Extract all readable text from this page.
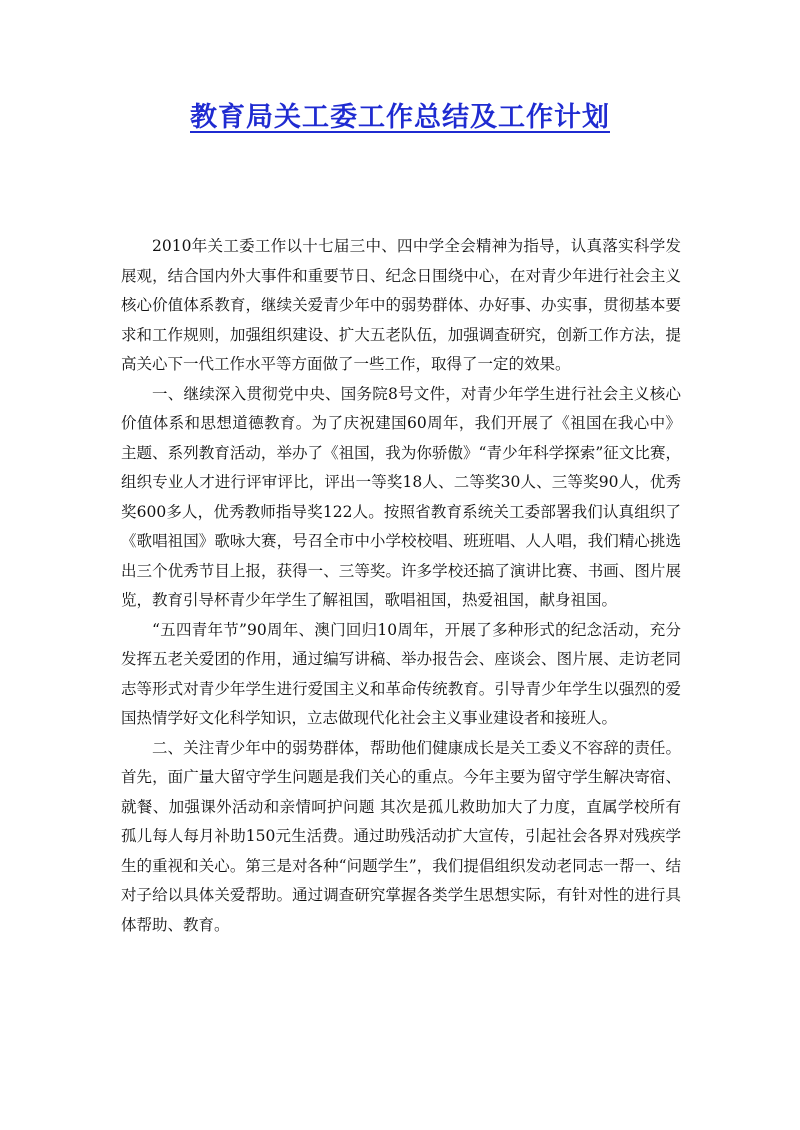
教育局关工委工作总结及工作计划

2010年关工委工作以十七届三中、四中学全会精神为指导，认真落实科学发展观，结合国内外大事件和重要节日、纪念日围绕中心，在对青少年进行社会主义核心价值体系教育，继续关爱青少年中的弱势群体、办好事、办实事，贯彻基本要求和工作规则，加强组织建设、扩大五老队伍，加强调查研究，创新工作方法，提高关心下一代工作水平等方面做了一些工作，取得了一定的效果。

一、继续深入贯彻党中央、国务院8号文件，对青少年学生进行社会主义核心价值体系和思想道德教育。为了庆祝建国60周年，我们开展了《祖国在我心中》主题、系列教育活动，举办了《祖国，我为你骄傲》“青少年科学探索”征文比赛，组织专业人才进行评审评比，评出一等奖18人、二等奖30人、三等奖90人，优秀奖600多人，优秀教师指导奖122人。按照省教育系统关工委部署我们认真组织了《歌唱祖国》歌咏大赛，号召全市中小学校校唱、班班唱、人人唱，我们精心挑选出三个优秀节目上报，获得一、三等奖。许多学校还搞了演讲比赛、书画、图片展览，教育引导杯青少年学生了解祖国，歌唱祖国，热爱祖国，献身祖国。

“五四青年节”90周年、澳门回归10周年，开展了多种形式的纪念活动，充分发挥五老关爱团的作用，通过编写讲稿、举办报告会、座谈会、图片展、走访老同志等形式对青少年学生进行爱国主义和革命传统教育。引导青少年学生以强烈的爱国热情学好文化科学知识，立志做现代化社会主义事业建设者和接班人。

二、关注青少年中的弱势群体，帮助他们健康成长是关工委义不容辞的责任。首先，面广量大留守学生问题是我们关心的重点。今年主要为留守学生解决寄宿、就餐、加强课外活动和亲情呵护问题 其次是孤儿救助加大了力度，直属学校所有孤儿每人每月补助150元生活费。通过助残活动扩大宣传，引起社会各界对残疾学生的重视和关心。第三是对各种“问题学生”，我们提倡组织发动老同志一帮一、结对子给以具体关爱帮助。通过调查研究掌握各类学生思想实际，有针对性的进行具体帮助、教育。
